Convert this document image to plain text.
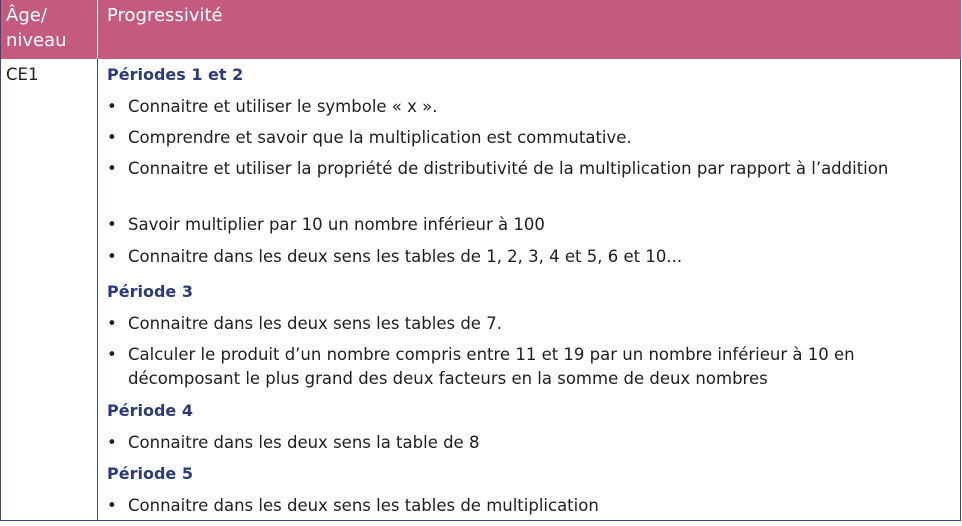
Âge/ niveau
Progressivité
CE1	Périodes 1 et 2
• Connaitre et utiliser le symbole « x ».
• Comprendre et savoir que la multiplication est commutative.
• Connaitre et utiliser la propriété de distributivité de la multiplication par rapport à l’addition
• Savoir multiplier par 10 un nombre inférieur à 100
• Connaitre dans les deux sens les tables de 1, 2, 3, 4 et 5, 6 et 10...
Période 3
• Connaitre dans les deux sens les tables de 7.
• Calculer le produit d’un nombre compris entre 11 et 19 par un nombre inférieur à 10 en décomposant le plus grand des deux facteurs en la somme de deux nombres
Période 4
• Connaitre dans les deux sens la table de 8
Période 5
• Connaitre dans les deux sens les tables de multiplication
